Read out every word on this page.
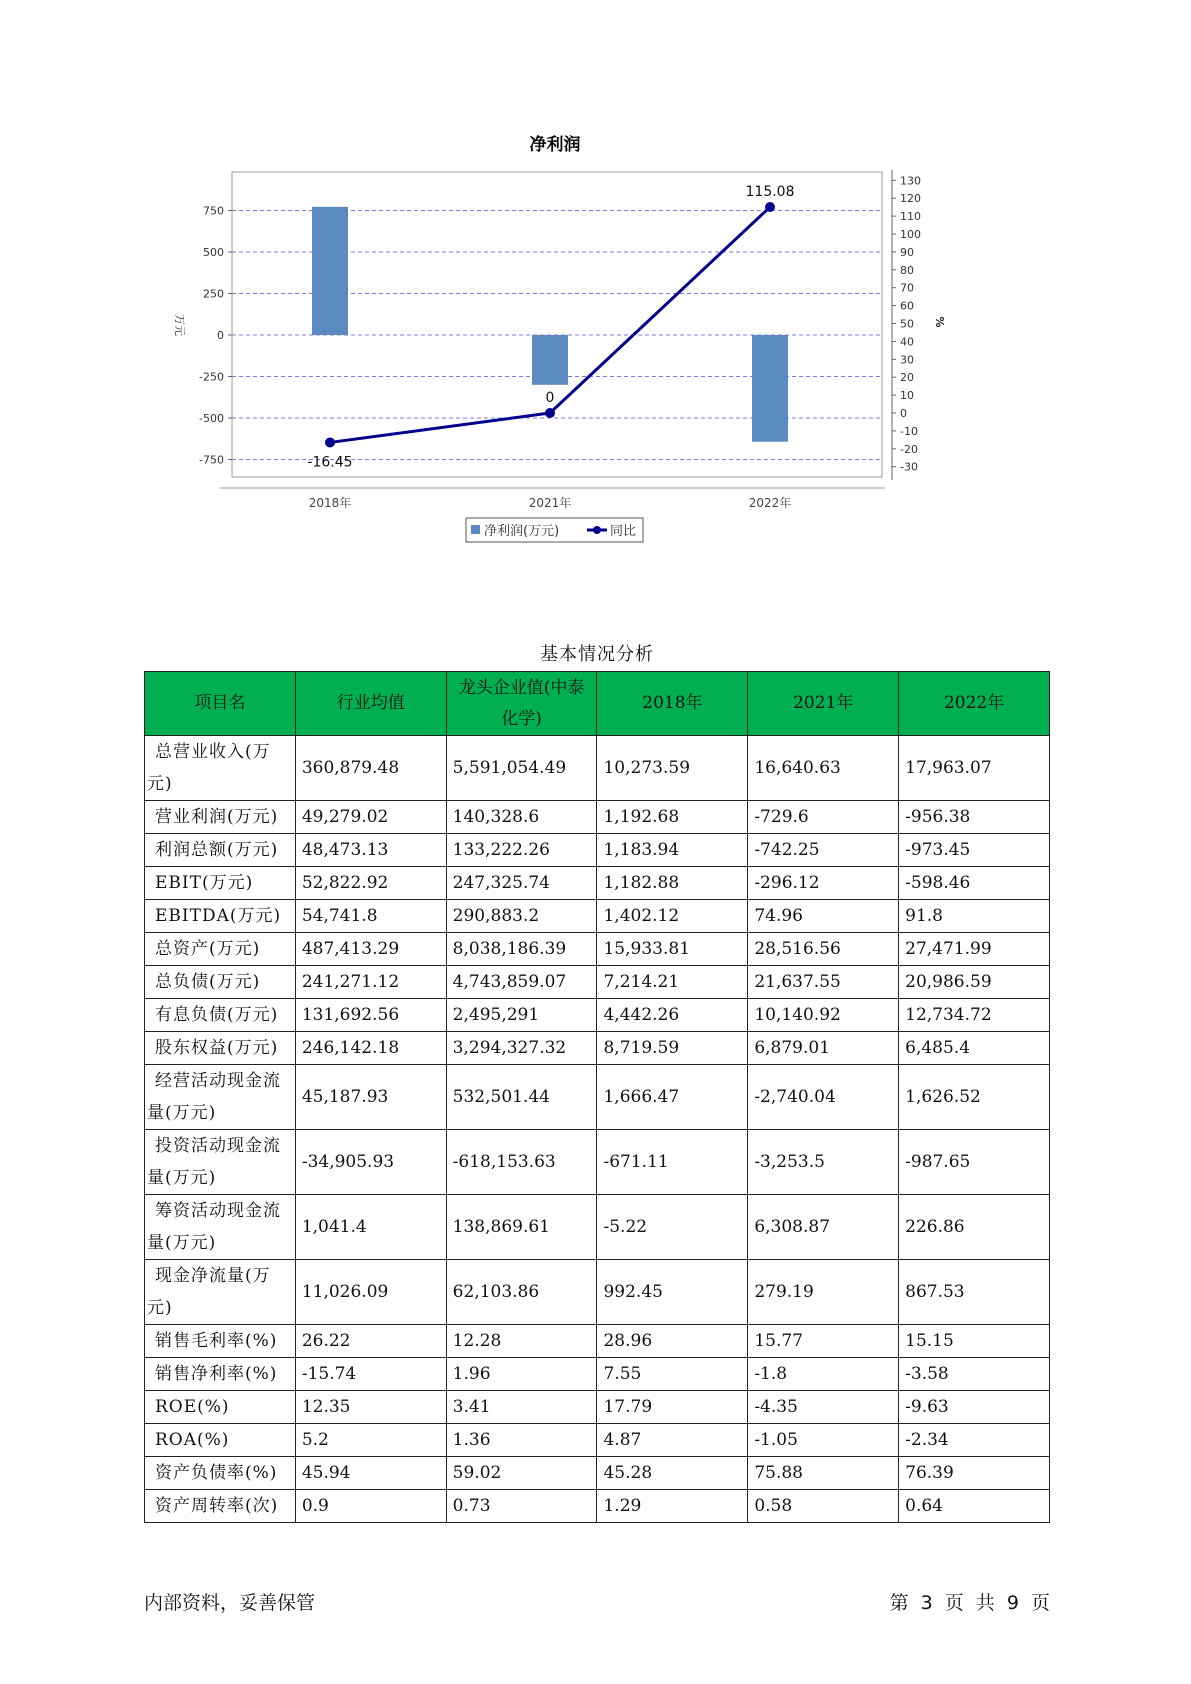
净利润
750
500
250
0
-250
-500
-750
万元
130
120
110
100
90
80
70
60
50
40
30
20
10
0
-10
-20
-30
%
2018年	2021年	2022年
-16.45
0
115.08
净利润(万元)	同比
基本情况分析
项目名	行业均值	龙头企业值(中泰化学)	2018年	2021年	2022年
总营业收入(万元)	360,879.48	5,591,054.49	10,273.59	16,640.63	17,963.07
营业利润(万元)	49,279.02	140,328.6	1,192.68	-729.6	-956.38
利润总额(万元)	48,473.13	133,222.26	1,183.94	-742.25	-973.45
EBIT(万元)	52,822.92	247,325.74	1,182.88	-296.12	-598.46
EBITDA(万元)	54,741.8	290,883.2	1,402.12	74.96	91.8
总资产(万元)	487,413.29	8,038,186.39	15,933.81	28,516.56	27,471.99
总负债(万元)	241,271.12	4,743,859.07	7,214.21	21,637.55	20,986.59
有息负债(万元)	131,692.56	2,495,291	4,442.26	10,140.92	12,734.72
股东权益(万元)	246,142.18	3,294,327.32	8,719.59	6,879.01	6,485.4
经营活动现金流量(万元)	45,187.93	532,501.44	1,666.47	-2,740.04	1,626.52
投资活动现金流量(万元)	-34,905.93	-618,153.63	-671.11	-3,253.5	-987.65
筹资活动现金流量(万元)	1,041.4	138,869.61	-5.22	6,308.87	226.86
现金净流量(万元)	11,026.09	62,103.86	992.45	279.19	867.53
销售毛利率(%)	26.22	12.28	28.96	15.77	15.15
销售净利率(%)	-15.74	1.96	7.55	-1.8	-3.58
ROE(%)	12.35	3.41	17.79	-4.35	-9.63
ROA(%)	5.2	1.36	4.87	-1.05	-2.34
资产负债率(%)	45.94	59.02	45.28	75.88	76.39
资产周转率(次)	0.9	0.73	1.29	0.58	0.64
内部资料，妥善保管	第 3 页 共 9 页
